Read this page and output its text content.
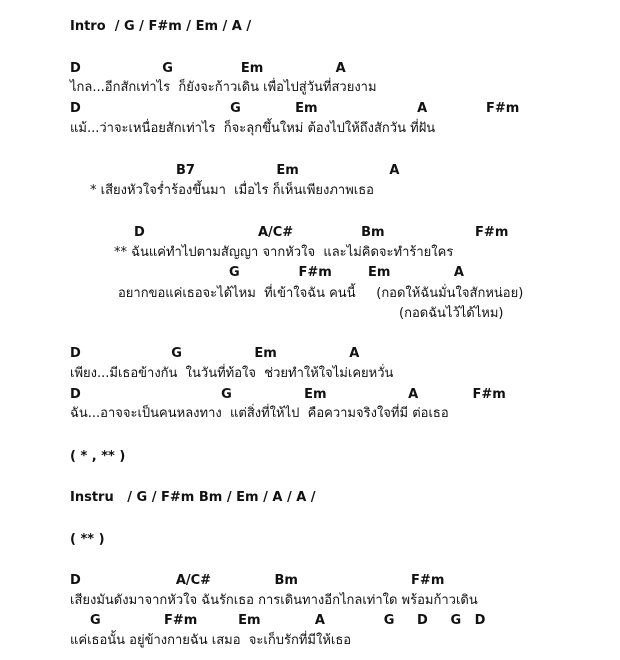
Intro  / G / F#m / Em / A /

D                  G               Em                A

ไกล...อีกสักเท่าไร  ก็ยังจะก้าวเดิน เพื่อไปสู่วันที่สวยงาม

D                                 G            Em                      A             F#m

แม้...ว่าจะเหนื่อยสักเท่าไร  ก็จะลุกขึ้นใหม่ ต้องไปให้ถึงสักวัน ที่ฝัน

B7                  Em                    A

* เสียงหัวใจร่ำร้องขึ้นมา  เมื่อไร ก็เห็นเพียงภาพเธอ

D                         A/C#               Bm                    F#m

** ฉันแค่ทำไปตามสัญญา จากหัวใจ  และไม่คิดจะทำร้ายใคร

G             F#m        Em              A

อยากขอแค่เธอจะได้ไหม  ที่เข้าใจฉัน คนนี้     (กอดให้ฉันมั่นใจสักหน่อย)

(กอดฉันไว้ได้ไหม)

D                    G                Em                A

เพียง...มีเธอข้างกัน  ในวันที่ท้อใจ  ช่วยทำให้ใจไม่เคยหวั่น

D                               G                Em                  A            F#m

ฉัน...อาจจะเป็นคนหลงทาง  แต่สิ่งที่ให้ไป  คือความจริงใจที่มี ต่อเธอ

( * , ** )

Instru   / G / F#m Bm / Em / A / A /

( ** )

D                     A/C#              Bm                         F#m

เสียงมันดังมาจากหัวใจ ฉันรักเธอ การเดินทางอีกไกลเท่าใด พร้อมก้าวเดิน

G              F#m         Em            A             G     D     G   D

แค่เธอนั้น อยู่ข้างกายฉัน เสมอ  จะเก็บรักที่มีให้เธอ
